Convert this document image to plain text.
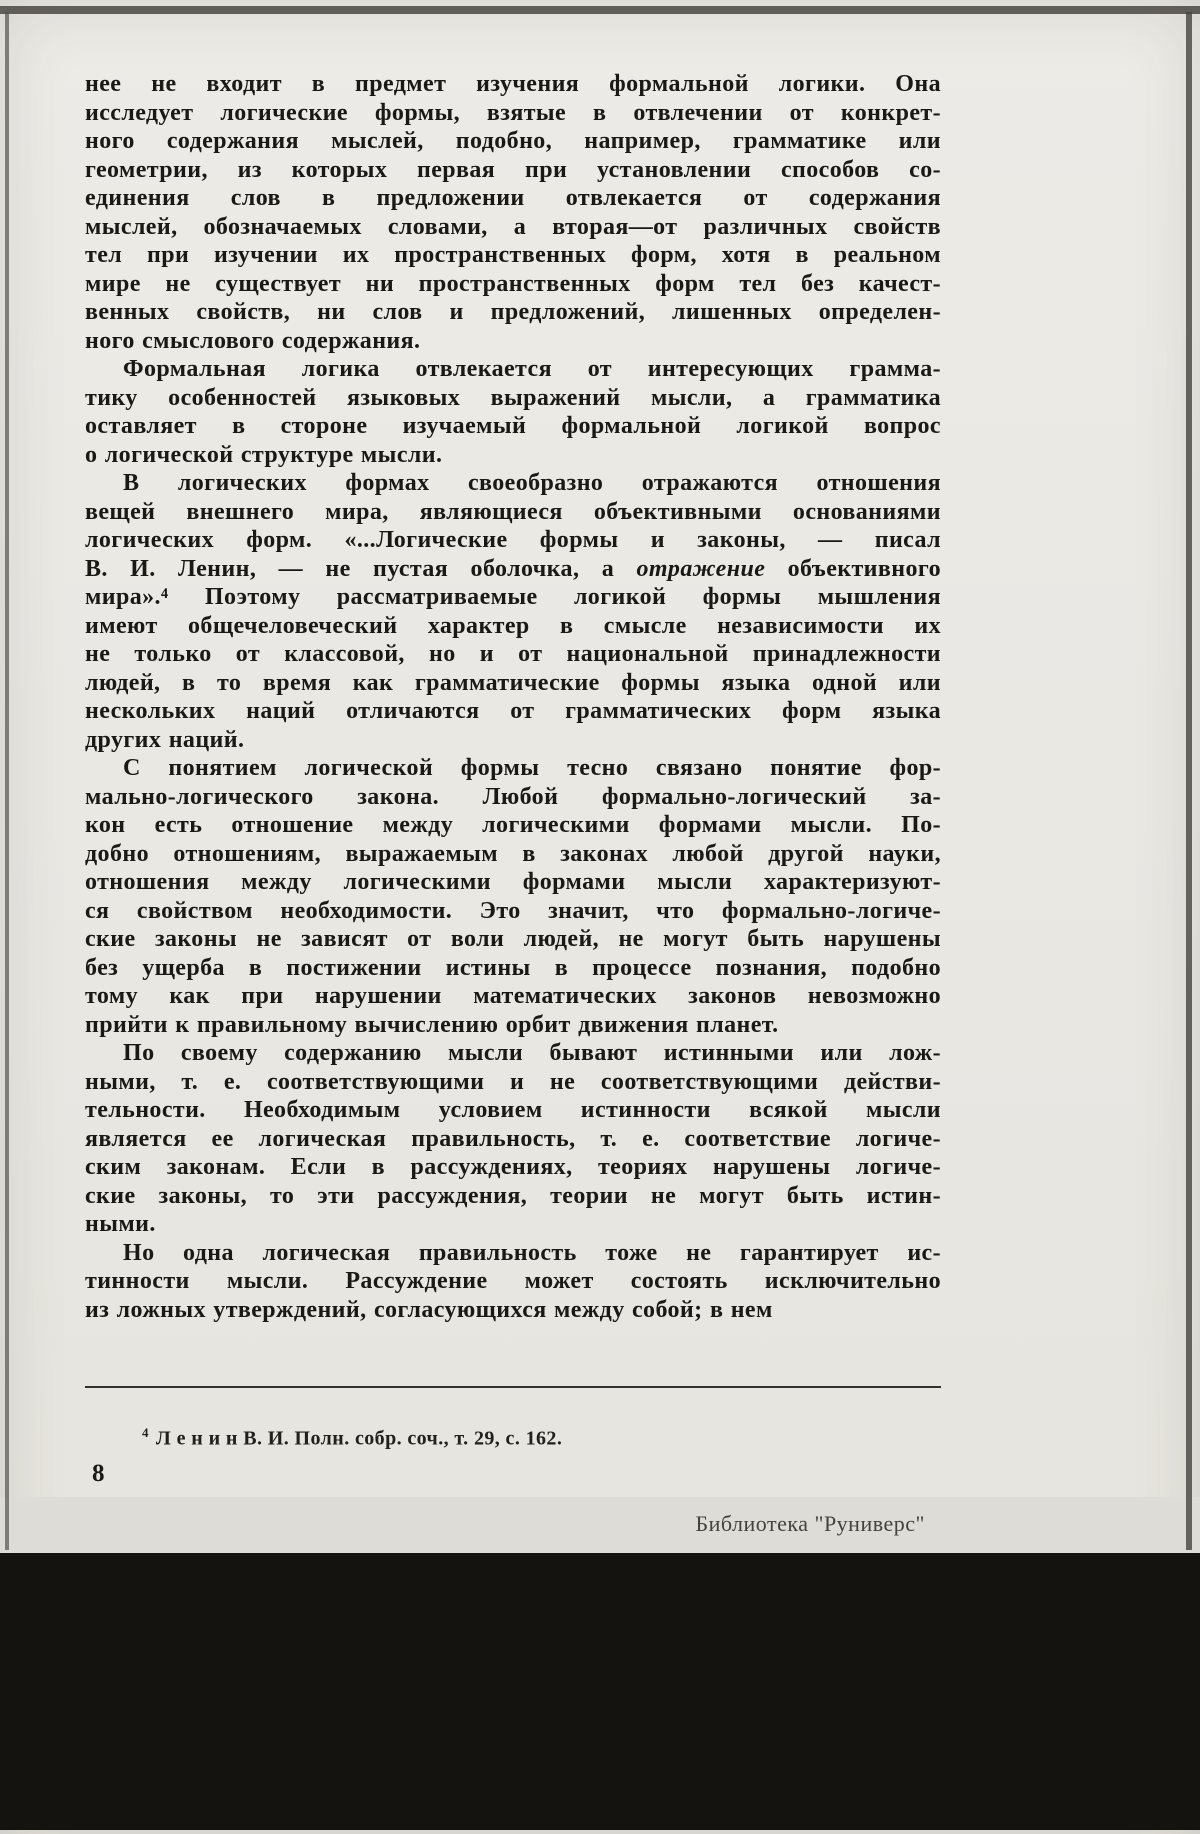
нее не входит в предмет изучения формальной логики. Она
исследует логические формы, взятые в отвлечении от конкрет-
ного содержания мыслей, подобно, например, грамматике или
геометрии, из которых первая при установлении способов со-
единения слов в предложении отвлекается от содержания
мыслей, обозначаемых словами, а вторая—от различных свойств
тел при изучении их пространственных форм, хотя в реальном
мире не существует ни пространственных форм тел без качест-
венных свойств, ни слов и предложений, лишенных определен-
ного смыслового содержания.
Формальная логика отвлекается от интересующих грамма-
тику особенностей языковых выражений мысли, а грамматика
оставляет в стороне изучаемый формальной логикой вопрос
о логической структуре мысли.
В логических формах своеобразно отражаются отношения
вещей внешнего мира, являющиеся объективными основаниями
логических форм. «...Логические формы и законы, — писал
В. И. Ленин, — не пустая оболочка, а отражение объективного
мира».⁴ Поэтому рассматриваемые логикой формы мышления
имеют общечеловеческий характер в смысле независимости их
не только от классовой, но и от национальной принадлежности
людей, в то время как грамматические формы языка одной или
нескольких наций отличаются от грамматических форм языка
других наций.
С понятием логической формы тесно связано понятие фор-
мально-логического закона. Любой формально-логический за-
кон есть отношение между логическими формами мысли. По-
добно отношениям, выражаемым в законах любой другой науки,
отношения между логическими формами мысли характеризуют-
ся свойством необходимости. Это значит, что формально-логиче-
ские законы не зависят от воли людей, не могут быть нарушены
без ущерба в постижении истины в процессе познания, подобно
тому как при нарушении математических законов невозможно
прийти к правильному вычислению орбит движения планет.
По своему содержанию мысли бывают истинными или лож-
ными, т. е. соответствующими и не соответствующими действи-
тельности. Необходимым условием истинности всякой мысли
является ее логическая правильность, т. е. соответствие логиче-
ским законам. Если в рассуждениях, теориях нарушены логиче-
ские законы, то эти рассуждения, теории не могут быть истин-
ными.
Но одна логическая правильность тоже не гарантирует ис-
тинности мысли. Рассуждение может состоять исключительно
из ложных утверждений, согласующихся между собой; в нем
$^4$ Л е н и н В. И. Полн. собр. соч., т. 29, с. 162.
8
Библиотека "Руниверс"
